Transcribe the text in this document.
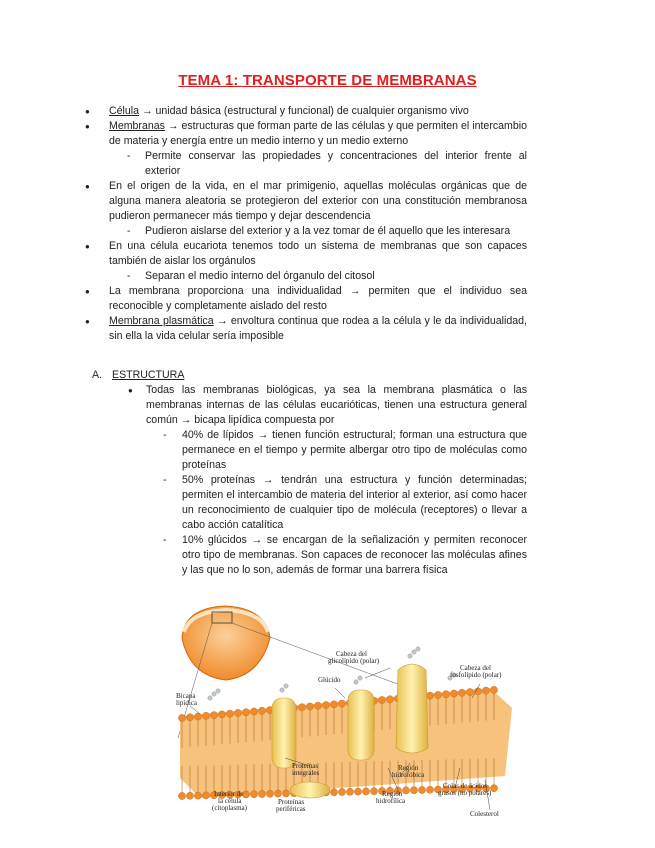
TEMA 1: TRANSPORTE DE MEMBRANAS
● Célula → unidad básica (estructural y funcional) de cualquier organismo vivo
● Membranas → estructuras que forman parte de las células y que permiten el intercambio de materia y energía entre un medio interno y un medio externo
- Permite conservar las propiedades y concentraciones del interior frente al exterior
● En el origen de la vida, en el mar primigenio, aquellas moléculas orgánicas que de alguna manera aleatoria se protegieron del exterior con una constitución membranosa pudieron permanecer más tiempo y dejar descendencia
- Pudieron aislarse del exterior y a la vez tomar de él aquello que les interesara
● En una célula eucariota tenemos todo un sistema de membranas que son capaces también de aislar los orgánulos
- Separan el medio interno del órganulo del citosol
● La membrana proporciona una individualidad → permiten que el individuo sea reconocible y completamente aislado del resto
● Membrana plasmática → envoltura continua que rodea a la célula y le da individualidad, sin ella la vida celular sería imposible
A. ESTRUCTURA
● Todas las membranas biológicas, ya sea la membrana plasmática o las membranas internas de las células eucarióticas, tienen una estructura general común → bicapa lipídica compuesta por
- 40% de lípidos → tienen función estructural; forman una estructura que permanece en el tiempo y permite albergar otro tipo de moléculas como proteínas
- 50% proteínas → tendrán una estructura y función determinadas; permiten el intercambio de materia del interior al exterior, así como hacer un reconocimiento de cualquier tipo de molécula (receptores) o llevar a cabo acción catalítica
- 10% glúcidos → se encargan de la señalización y permiten reconocer otro tipo de membranas. Son capaces de reconocer las moléculas afines y las que no lo son, además de formar una barrera física
Bicapa lipídica
Cabeza del glicolípido (polar)
Glúcido
Cabeza del fosfolípido (polar)
Proteínas integrales
Región hidrofóbica
Colas de ácidos grasos (no polares)
Interior de la célula (citoplasma)
Proteínas periféricas
Región hidrofílica
Colesterol
